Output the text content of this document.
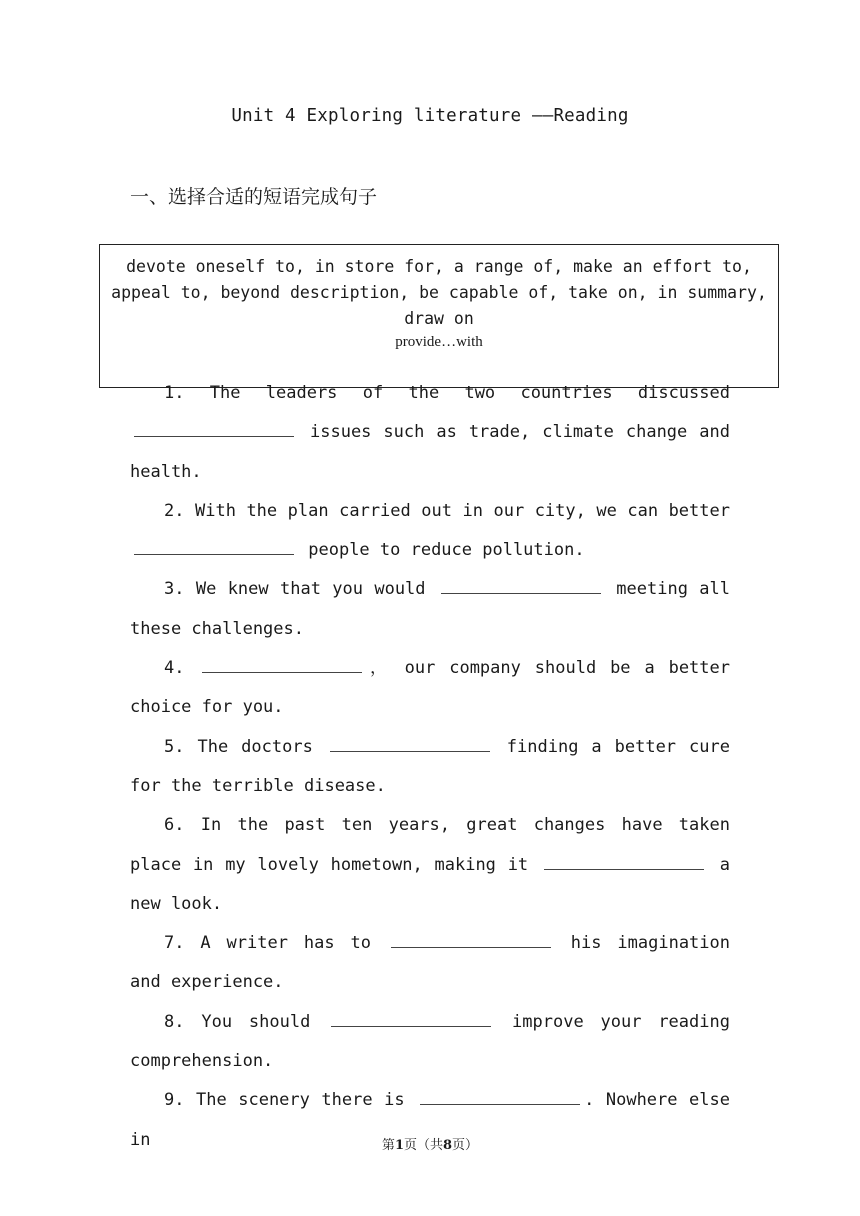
Unit 4 Exploring literature ——Reading
一、选择合适的短语完成句子
devote oneself to, in store for, a range of, make an effort to, appeal to, beyond description, be capable of, take on, in summary, draw on
provide…with

1. The leaders of the two countries discussed  issues such as trade, climate change and health.

2. With the plan carried out in our city, we can better  people to reduce pollution.

3. We knew that you would	meeting all these challenges.

4.	， our company should be a better choice for you.

5. The doctors	finding a better cure for the terrible disease.

6. In the past ten years, great changes have taken place in my lovely hometown, making it	a new look.

7. A writer has to	his imagination and experience.

8. You should	improve your reading comprehension.

9. The scenery there is	. Nowhere else in	第1页（共8页）
